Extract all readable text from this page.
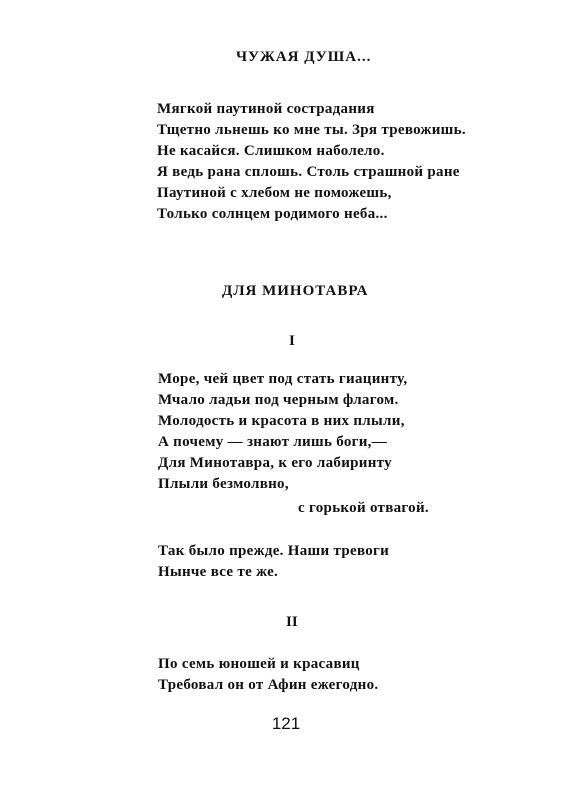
ЧУЖАЯ ДУША...
Мягкой паутиной сострадания
Тщетно льнешь ко мне ты. Зря тревожишь.
Не касайся. Слишком наболело.
Я ведь рана сплошь. Столь страшной ране
Паутиной с хлебом не поможешь,
Только солнцем родимого неба...
ДЛЯ МИНОТАВРА
I
Море, чей цвет под стать гиацинту,
Мчало ладьи под черным флагом.
Молодость и красота в них плыли,
А почему — знают лишь боги,—
Для Минотавра, к его лабиринту
Плыли безмолвно,
с горькой отвагой.
Так было прежде. Наши тревоги
Нынче все те же.
II
По семь юношей и красавиц
Требовал он от Афин ежегодно.
121
